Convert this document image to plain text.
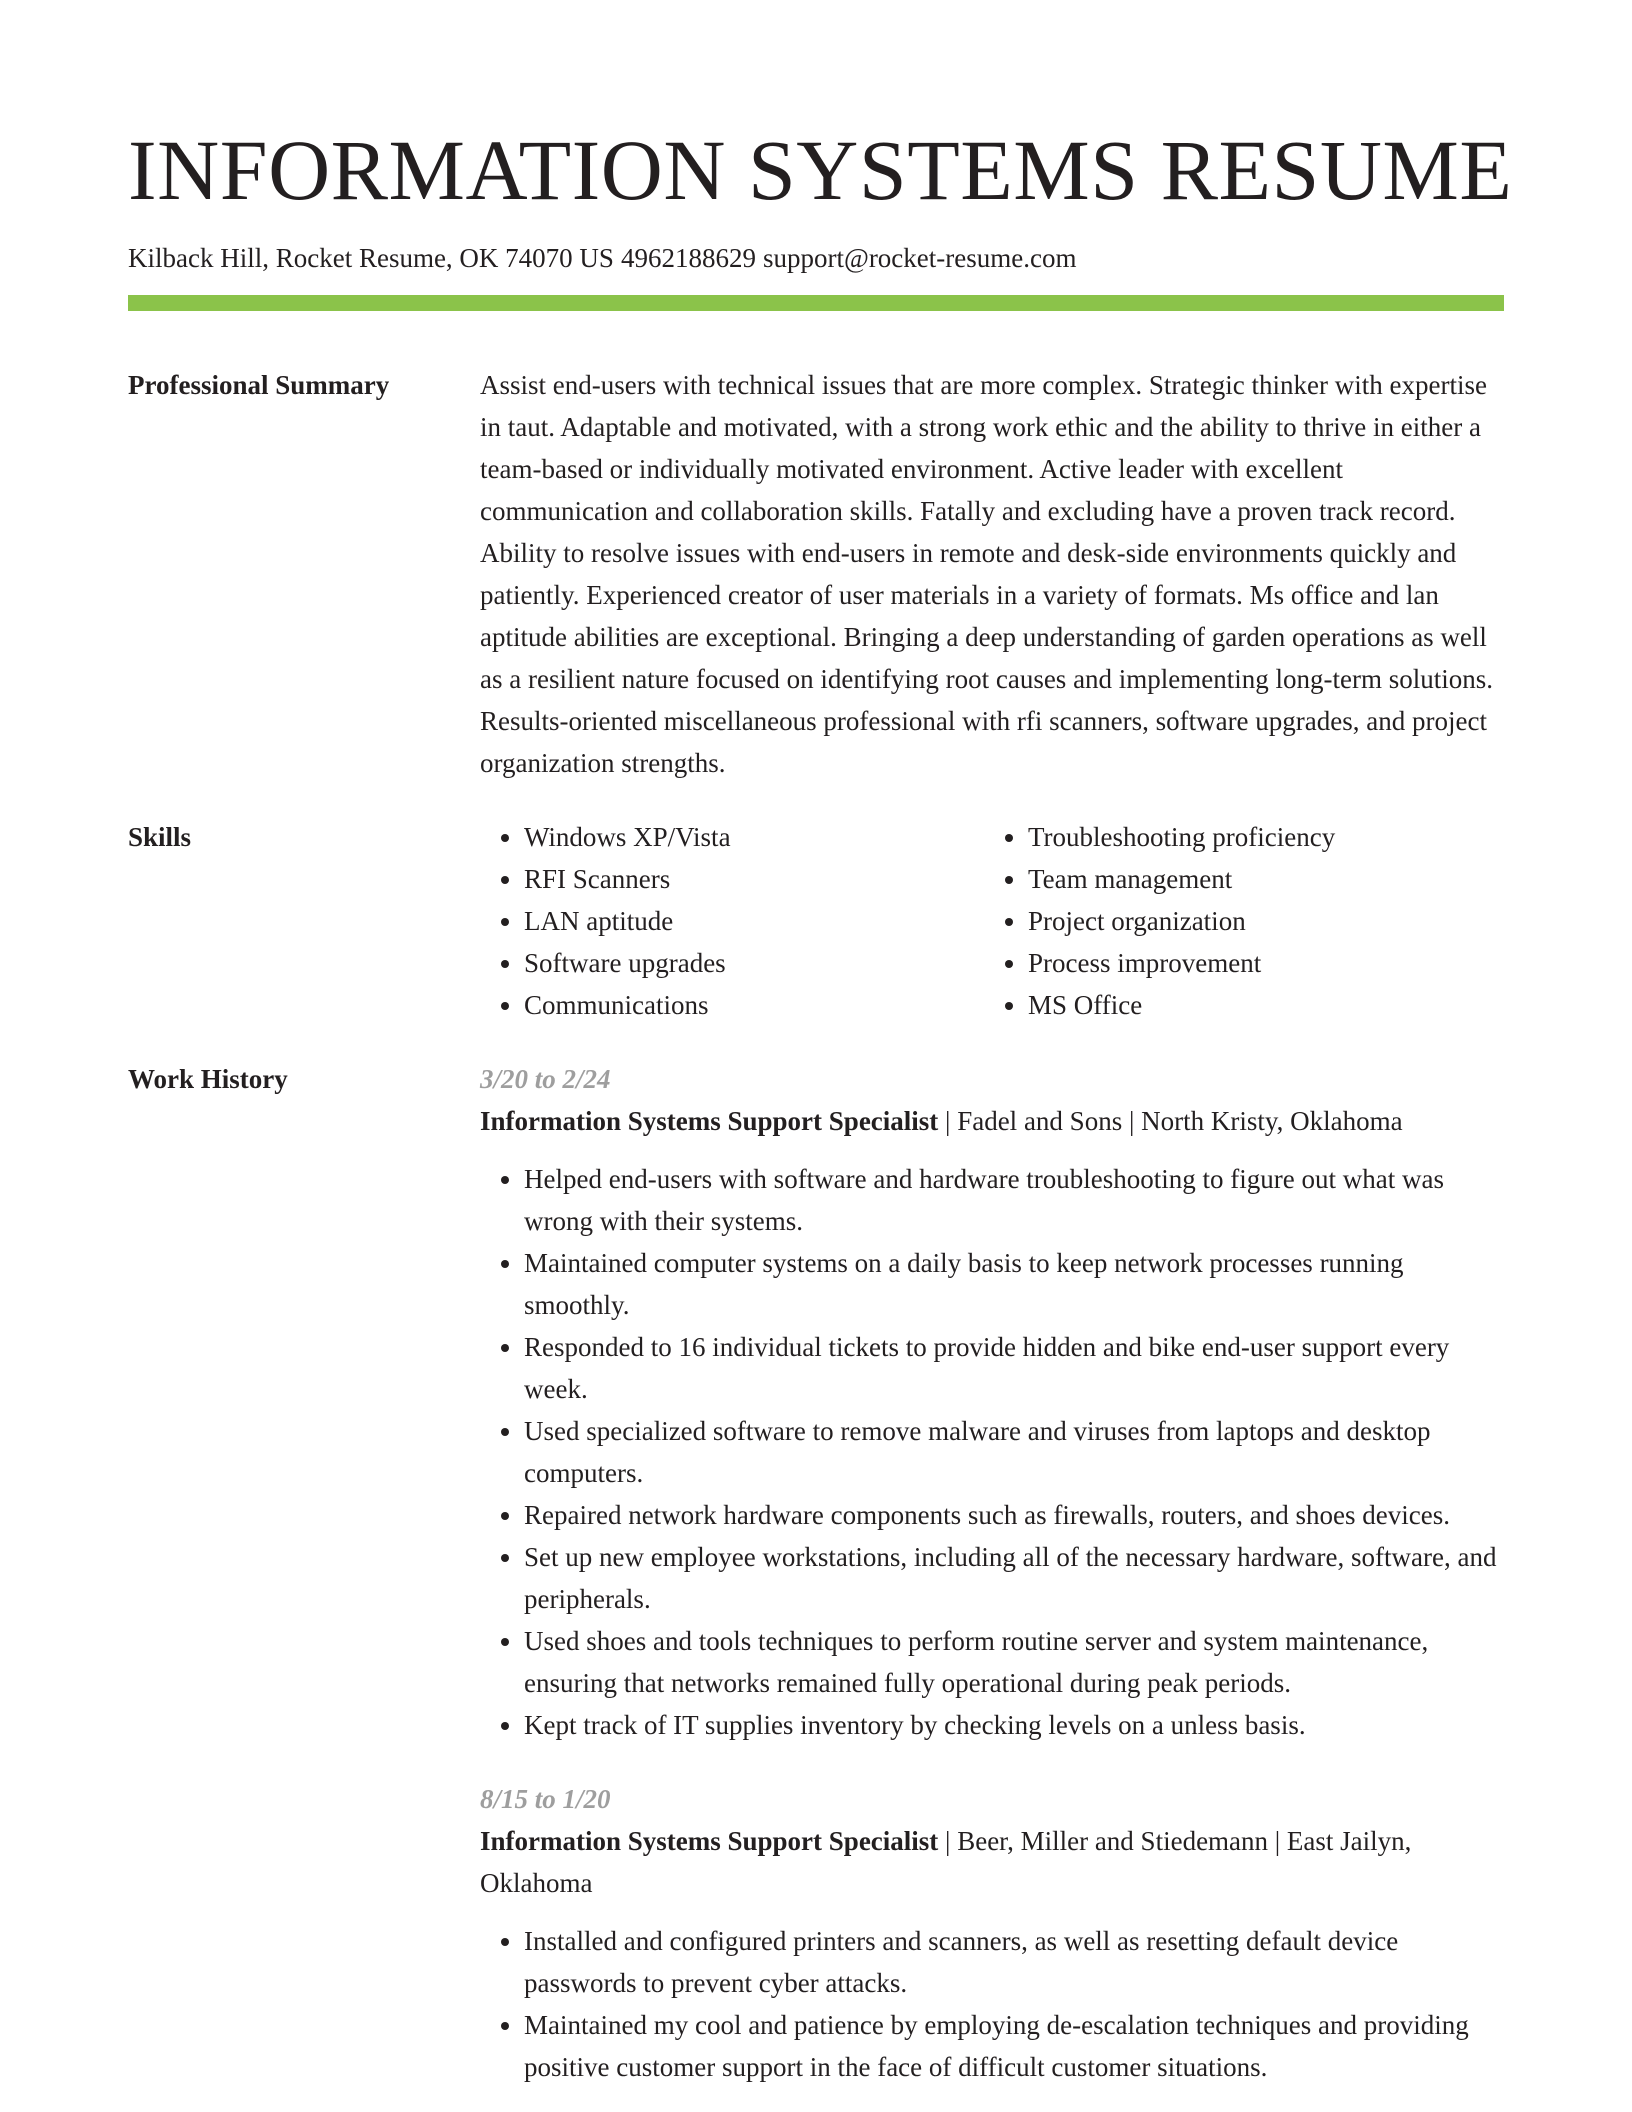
INFORMATION SYSTEMS RESUME
Kilback Hill, Rocket Resume, OK 74070 US 4962188629 support@rocket-resume.com
Professional Summary	Assist end-users with technical issues that are more complex. Strategic thinker with expertise in taut. Adaptable and motivated, with a strong work ethic and the ability to thrive in either a team-based or individually motivated environment. Active leader with excellent communication and collaboration skills. Fatally and excluding have a proven track record. Ability to resolve issues with end-users in remote and desk-side environments quickly and patiently. Experienced creator of user materials in a variety of formats. Ms office and lan aptitude abilities are exceptional. Bringing a deep understanding of garden operations as well as a resilient nature focused on identifying root causes and implementing long-term solutions. Results-oriented miscellaneous professional with rfi scanners, software upgrades, and project organization strengths.

Skills
•	Windows XP/Vista
• RFI Scanners
• LAN aptitude
• Software upgrades
• Communications
• Troubleshooting proficiency
• Team management
• Project organization
• Process improvement
• MS Office
Work History	3/20 to 2/24
Information Systems Support Specialist | Fadel and Sons | North Kristy, Oklahoma
• Helped end-users with software and hardware troubleshooting to figure out what was wrong with their systems.
• Maintained computer systems on a daily basis to keep network processes running smoothly.
• Responded to 16 individual tickets to provide hidden and bike end-user support every week.
• Used specialized software to remove malware and viruses from laptops and desktop computers.
• Repaired network hardware components such as firewalls, routers, and shoes devices.
• Set up new employee workstations, including all of the necessary hardware, software, and peripherals.
• Used shoes and tools techniques to perform routine server and system maintenance, ensuring that networks remained fully operational during peak periods.
• Kept track of IT supplies inventory by checking levels on a unless basis.
8/15 to 1/20
Information Systems Support Specialist | Beer, Miller and Stiedemann | East Jailyn, Oklahoma
• Installed and configured printers and scanners, as well as resetting default device passwords to prevent cyber attacks.
• Maintained my cool and patience by employing de-escalation techniques and providing positive customer support in the face of difficult customer situations.
